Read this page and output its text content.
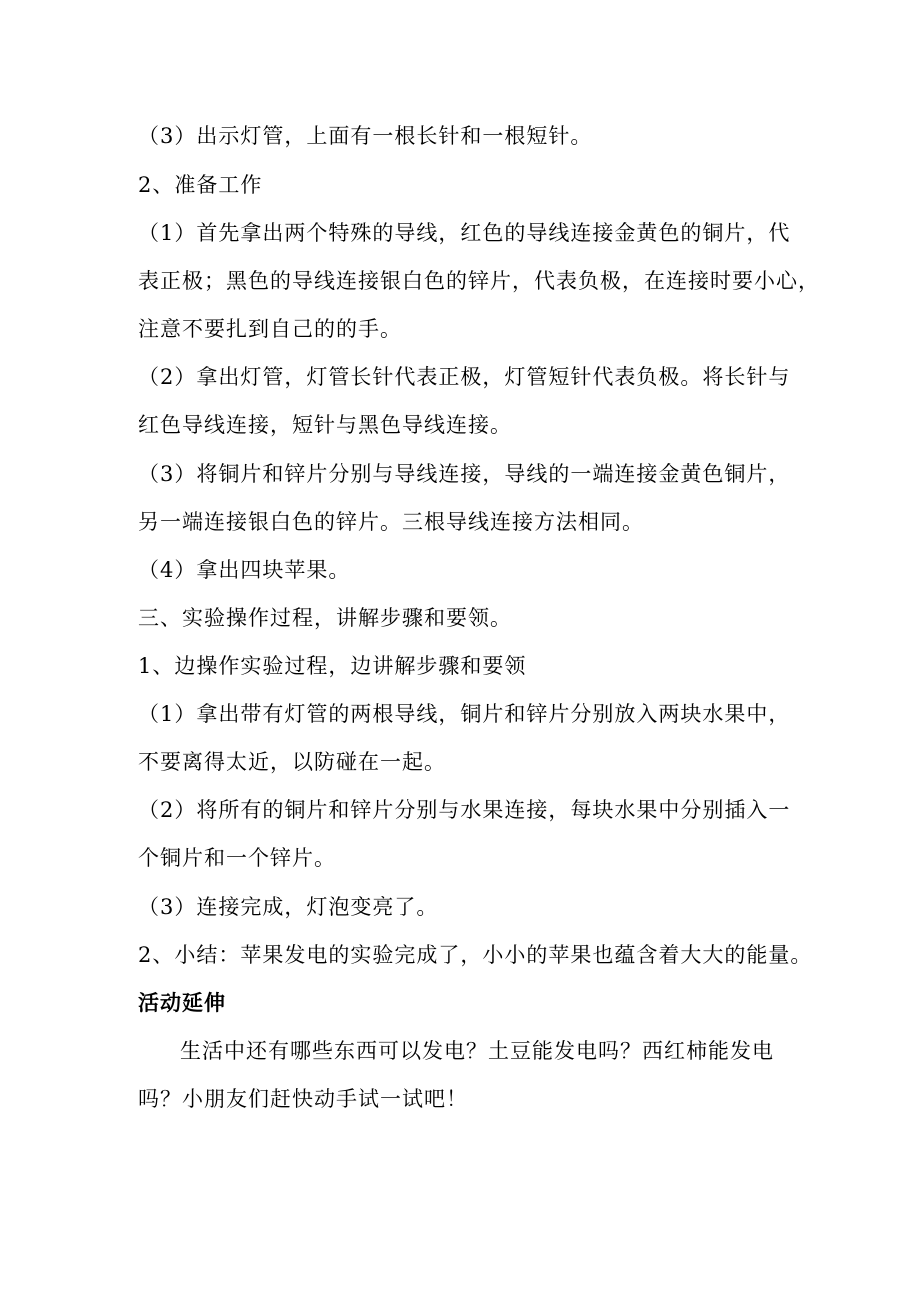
（3）出示灯管，上面有一根长针和一根短针。
2、准备工作
（1）首先拿出两个特殊的导线，红色的导线连接金黄色的铜片，代
表正极；黑色的导线连接银白色的锌片，代表负极，在连接时要小心，
注意不要扎到自己的的手。
（2）拿出灯管，灯管长针代表正极，灯管短针代表负极。将长针与
红色导线连接，短针与黑色导线连接。
（3）将铜片和锌片分别与导线连接，导线的一端连接金黄色铜片，
另一端连接银白色的锌片。三根导线连接方法相同。
（4）拿出四块苹果。
三、实验操作过程，讲解步骤和要领。
1、边操作实验过程，边讲解步骤和要领
（1）拿出带有灯管的两根导线，铜片和锌片分别放入两块水果中，
不要离得太近，以防碰在一起。
（2）将所有的铜片和锌片分别与水果连接，每块水果中分别插入一
个铜片和一个锌片。
（3）连接完成，灯泡变亮了。
2、小结：苹果发电的实验完成了，小小的苹果也蕴含着大大的能量。
活动延伸
生活中还有哪些东西可以发电？土豆能发电吗？西红柿能发电
吗？小朋友们赶快动手试一试吧！
